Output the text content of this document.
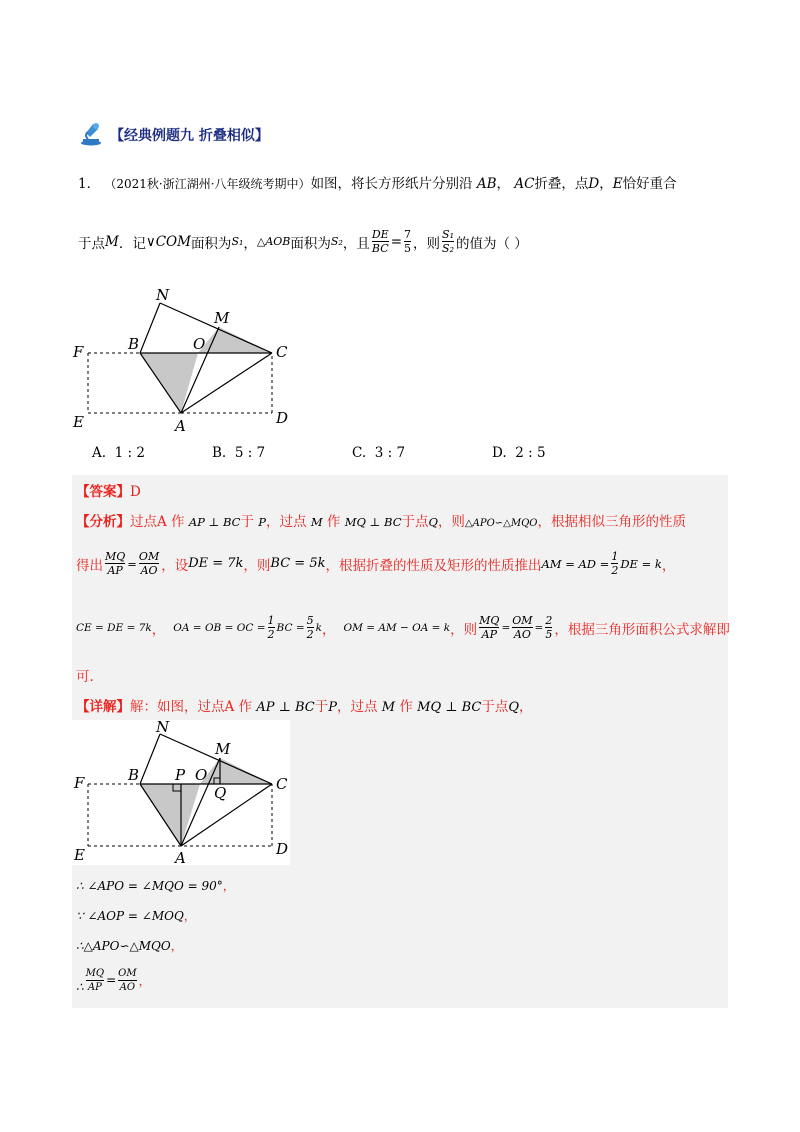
【经典例题九 折叠相似】
1． （2021秋·浙江湖州·八年级统考期中）如图，将长方形纸片分别沿 AB， AC折叠，点D，E恰好重合
于点 M ．记 ∨COM 面积为 S₁ ， △AOB 面积为 S₂ ，且 $\frac{DE}{BC} = \frac{7}{5}$ ，则 $\frac{\text{S₁}}{\text{S₂}}$ 的值为（ ）
N
M
B	O	C
F
E	A	D
A. 1 : 2	B. 5 : 7	C. 3 : 7	D. 2 : 5
【答案】D
【分析】过点A 作 AP ⊥ BC于 P，过点 M 作 MQ ⊥ BC于点Q，则△APO∽△MQO，根据相似三角形的性质
得出 $\frac{MQ}{AP} = \frac{OM}{AO}$ ，设 DE = 7k ，则 BC = 5k ，根据折叠的性质及矩形的性质推出 AM = AD = $\frac{1}{2}$ DE = k ，
CE = DE = 7k ， OA = OB = OC = $\frac{1}{2}$ BC = $\frac{5}{2}$ k ， OM = AM − OA = k ，则 $\frac{MQ}{AP} = \frac{OM}{AO} = \frac{2}{5}$ ，根据三角形面积公式求解即
可.
【详解】解：如图，过点A 作 AP ⊥ BC于P，过点 M 作 MQ ⊥ BC于点Q，
N
M
B P O	C
Q
F
E	A	D
∴ ∠APO = ∠MQO = 90°，
∵ ∠AOP = ∠MOQ，
∴△APO∽△MQO，
∴ $\frac{MQ}{AP} = \frac{OM}{AO}$ ，
